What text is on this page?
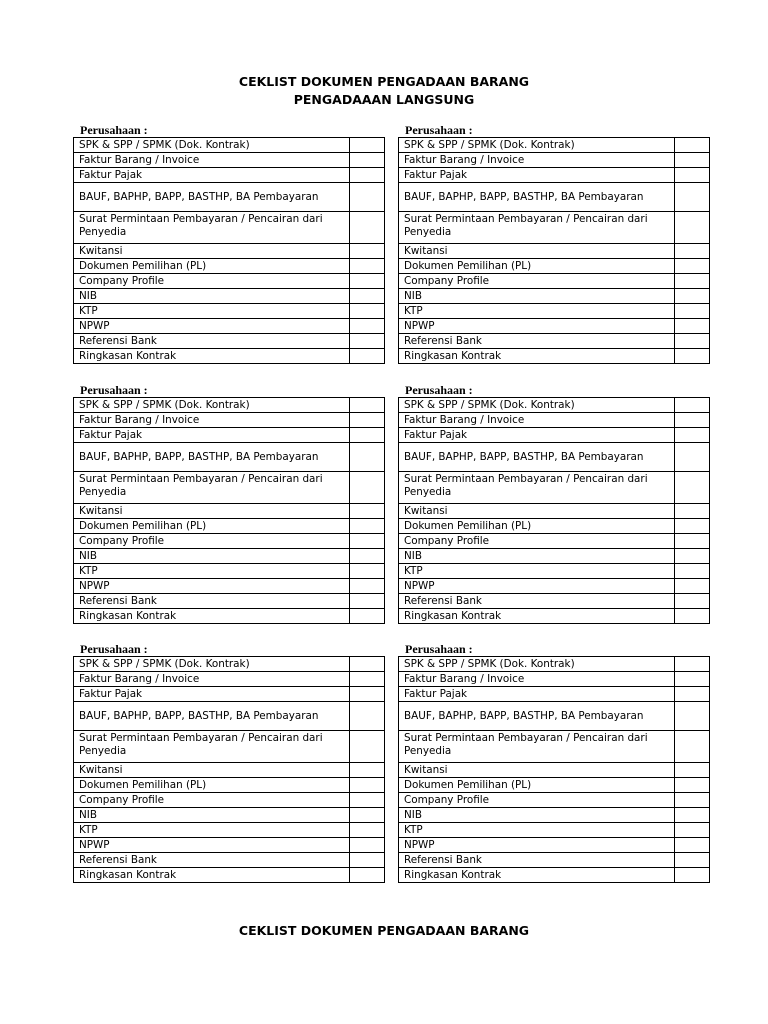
CEKLIST DOKUMEN PENGADAAN BARANG
PENGADAAAN LANGSUNG
Perusahaan :
SPK & SPP / SPMK (Dok. Kontrak)	
Faktur Barang / Invoice	
Faktur Pajak	
BAUF, BAPHP, BAPP, BASTHP, BA Pembayaran	
Surat Permintaan Pembayaran / Pencairan dari Penyedia	
Kwitansi	
Dokumen Pemilihan (PL)	
Company Profile	
NIB	
KTP	
NPWP	
Referensi Bank	
Ringkasan Kontrak	
Perusahaan :
SPK & SPP / SPMK (Dok. Kontrak)	
Faktur Barang / Invoice	
Faktur Pajak	
BAUF, BAPHP, BAPP, BASTHP, BA Pembayaran	
Surat Permintaan Pembayaran / Pencairan dari Penyedia	
Kwitansi	
Dokumen Pemilihan (PL)	
Company Profile	
NIB	
KTP	
NPWP	
Referensi Bank	
Ringkasan Kontrak	
Perusahaan :
SPK & SPP / SPMK (Dok. Kontrak)	
Faktur Barang / Invoice	
Faktur Pajak	
BAUF, BAPHP, BAPP, BASTHP, BA Pembayaran	
Surat Permintaan Pembayaran / Pencairan dari Penyedia	
Kwitansi	
Dokumen Pemilihan (PL)	
Company Profile	
NIB	
KTP	
NPWP	
Referensi Bank	
Ringkasan Kontrak	
Perusahaan :
SPK & SPP / SPMK (Dok. Kontrak)	
Faktur Barang / Invoice	
Faktur Pajak	
BAUF, BAPHP, BAPP, BASTHP, BA Pembayaran	
Surat Permintaan Pembayaran / Pencairan dari Penyedia	
Kwitansi	
Dokumen Pemilihan (PL)	
Company Profile	
NIB	
KTP	
NPWP	
Referensi Bank	
Ringkasan Kontrak	
Perusahaan :
SPK & SPP / SPMK (Dok. Kontrak)	
Faktur Barang / Invoice	
Faktur Pajak	
BAUF, BAPHP, BAPP, BASTHP, BA Pembayaran	
Surat Permintaan Pembayaran / Pencairan dari Penyedia	
Kwitansi	
Dokumen Pemilihan (PL)	
Company Profile	
NIB	
KTP	
NPWP	
Referensi Bank	
Ringkasan Kontrak	
Perusahaan :
SPK & SPP / SPMK (Dok. Kontrak)	
Faktur Barang / Invoice	
Faktur Pajak	
BAUF, BAPHP, BAPP, BASTHP, BA Pembayaran	
Surat Permintaan Pembayaran / Pencairan dari Penyedia	
Kwitansi	
Dokumen Pemilihan (PL)	
Company Profile	
NIB	
KTP	
NPWP	
Referensi Bank	
Ringkasan Kontrak	
CEKLIST DOKUMEN PENGADAAN BARANG
